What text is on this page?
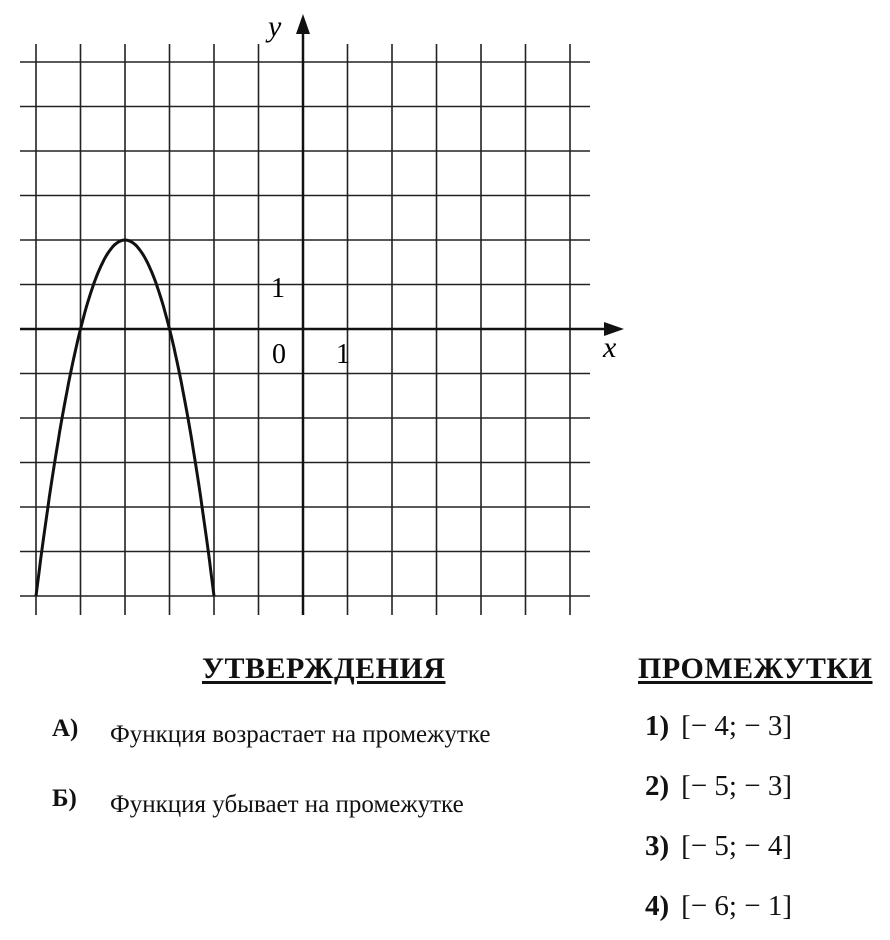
y
x
0 1
1
УТВЕРЖДЕНИЯ	ПРОМЕЖУТКИ
А) Функция возрастает на промежутке
Б) Функция убывает на промежутке
1) [− 4; − 3]
2) [− 5; − 3]
3) [− 5; − 4]
4) [− 6; − 1]
